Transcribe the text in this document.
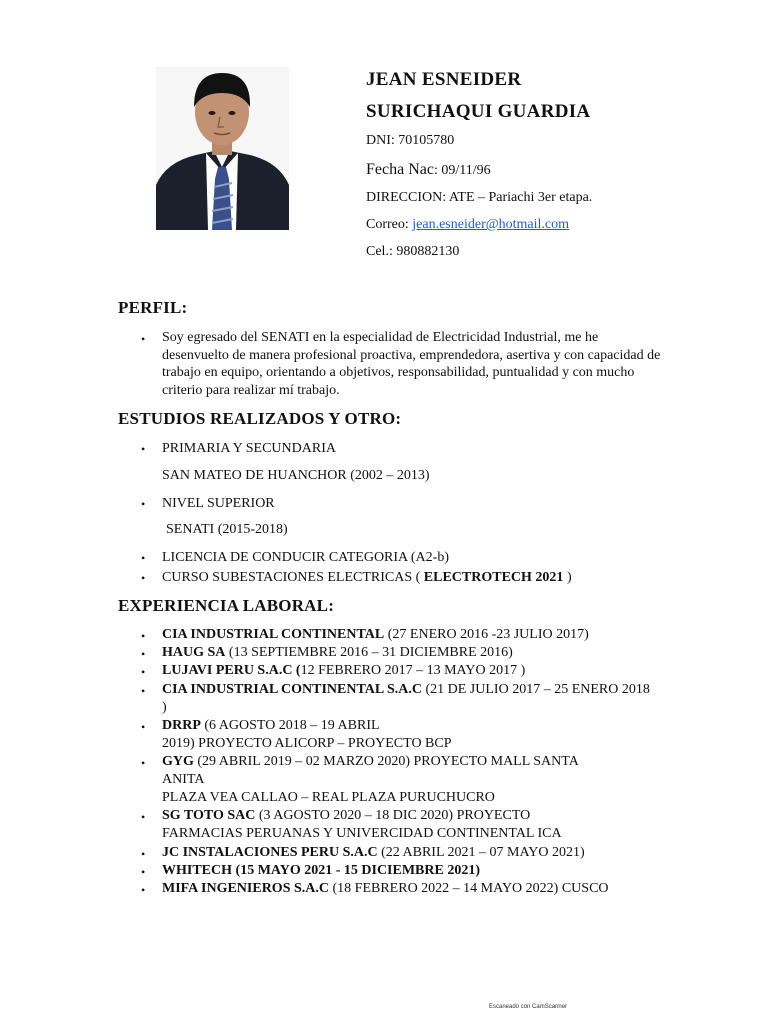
JEAN ESNEIDER
SURICHAQUI GUARDIA
DNI: 70105780
Fecha Nac: 09/11/96
DIRECCION: ATE – Pariachi 3er etapa.
Correo: jean.esneider@hotmail.com
Cel.: 980882130
PERFIL:
• Soy egresado del SENATI en la especialidad de Electricidad Industrial, me he desenvuelto de manera profesional proactiva, emprendedora, asertiva y con capacidad de trabajo en equipo, orientando a objetivos, responsabilidad, puntualidad y con mucho criterio para realizar mí trabajo.
ESTUDIOS REALIZADOS Y OTRO:
• PRIMARIA Y SECUNDARIA
SAN MATEO DE HUANCHOR (2002 – 2013)
• NIVEL SUPERIOR
SENATI (2015-2018)
• LICENCIA DE CONDUCIR CATEGORIA (A2-b)
• CURSO SUBESTACIONES ELECTRICAS ( ELECTROTECH 2021 )
EXPERIENCIA LABORAL:
• CIA INDUSTRIAL CONTINENTAL (27 ENERO 2016 -23 JULIO 2017)
• HAUG SA (13 SEPTIEMBRE 2016 – 31 DICIEMBRE 2016)
• LUJAVI PERU S.A.C (12 FEBRERO 2017 – 13 MAYO 2017 )
• CIA INDUSTRIAL CONTINENTAL S.A.C (21 DE JULIO 2017 – 25 ENERO 2018 )
• DRRP (6 AGOSTO 2018 – 19 ABRIL
2019) PROYECTO ALICORP – PROYECTO BCP
• GYG (29 ABRIL 2019 – 02 MARZO 2020) PROYECTO MALL SANTA ANITA
PLAZA VEA CALLAO – REAL PLAZA PURUCHUCRO
• SG TOTO SAC (3 AGOSTO 2020 – 18 DIC 2020) PROYECTO FARMACIAS PERUANAS Y UNIVERCIDAD CONTINENTAL ICA
• JC INSTALACIONES PERU S.A.C (22 ABRIL 2021 – 07 MAYO 2021)
• WHITECH (15 MAYO 2021 - 15 DICIEMBRE 2021)
• MIFA INGENIEROS S.A.C (18 FEBRERO 2022 – 14 MAYO 2022) CUSCO
Escaneado con CamScanner
